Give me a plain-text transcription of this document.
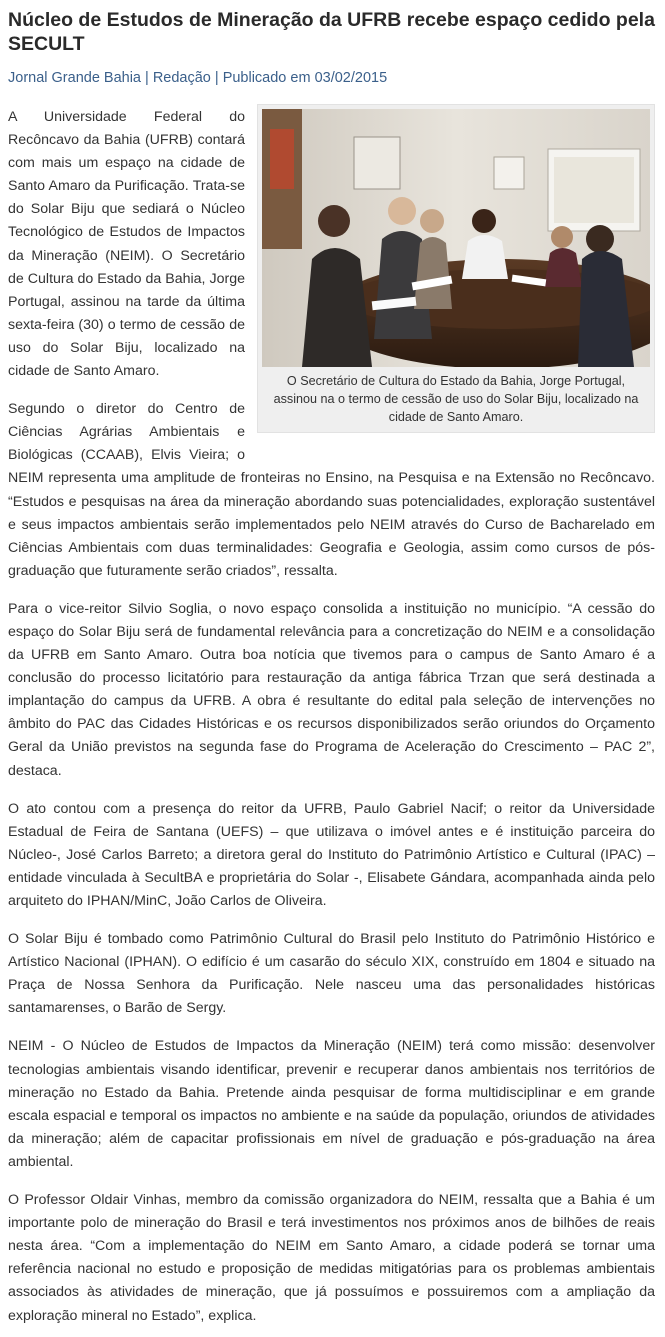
Núcleo de Estudos de Mineração da UFRB recebe espaço cedido pela SECULT
Jornal Grande Bahia | Redação | Publicado em 03/02/2015
O Secretário de Cultura do Estado da Bahia, Jorge Portugal, assinou na o termo de cessão de uso do Solar Biju, localizado na cidade de Santo Amaro.

A Universidade Federal do Recôncavo da Bahia (UFRB) contará com mais um espaço na cidade de Santo Amaro da Purificação. Trata-se do Solar Biju que sediará o Núcleo Tecnológico de Estudos de Impactos da Mineração (NEIM). O Secretário de Cultura do Estado da Bahia, Jorge Portugal, assinou na tarde da última sexta-feira (30) o termo de cessão de uso do Solar Biju, localizado na cidade de Santo Amaro.

Segundo o diretor do Centro de Ciências Agrárias Ambientais e Biológicas (CCAAB), Elvis Vieira; o NEIM representa uma amplitude de fronteiras no Ensino, na Pesquisa e na Extensão no Recôncavo. “Estudos e pesquisas na área da mineração abordando suas potencialidades, exploração sustentável e seus impactos ambientais serão implementados pelo NEIM através do Curso de Bacharelado em Ciências Ambientais com duas terminalidades: Geografia e Geologia, assim como cursos de pós-graduação que futuramente serão criados”, ressalta.

Para o vice-reitor Silvio Soglia, o novo espaço consolida a instituição no município. “A cessão do espaço do Solar Biju será de fundamental relevância para a concretização do NEIM e a consolidação da UFRB em Santo Amaro. Outra boa notícia que tivemos para o campus de Santo Amaro é a conclusão do processo licitatório para restauração da antiga fábrica Trzan que será destinada a implantação do campus da UFRB. A obra é resultante do edital pala seleção de intervenções no âmbito do PAC das Cidades Históricas e os recursos disponibilizados serão oriundos do Orçamento Geral da União previstos na segunda fase do Programa de Aceleração do Crescimento – PAC 2”, destaca.

O ato contou com a presença do reitor da UFRB, Paulo Gabriel Nacif; o reitor da Universidade Estadual de Feira de Santana (UEFS) – que utilizava o imóvel antes e é instituição parceira do Núcleo-, José Carlos Barreto; a diretora geral do Instituto do Patrimônio Artístico e Cultural (IPAC) – entidade vinculada à SecultBA e proprietária do Solar -, Elisabete Gándara, acompanhada ainda pelo arquiteto do IPHAN/MinC, João Carlos de Oliveira.

O Solar Biju é tombado como Patrimônio Cultural do Brasil pelo Instituto do Patrimônio Histórico e Artístico Nacional (IPHAN). O edifício é um casarão do século XIX, construído em 1804 e situado na Praça de Nossa Senhora da Purificação. Nele nasceu uma das personalidades históricas santamarenses, o Barão de Sergy.

NEIM - O Núcleo de Estudos de Impactos da Mineração (NEIM) terá como missão: desenvolver tecnologias ambientais visando identificar, prevenir e recuperar danos ambientais nos territórios de mineração no Estado da Bahia. Pretende ainda pesquisar de forma multidisciplinar e em grande escala espacial e temporal os impactos no ambiente e na saúde da população, oriundos de atividades da mineração; além de capacitar profissionais em nível de graduação e pós-graduação na área ambiental.

O Professor Oldair Vinhas, membro da comissão organizadora do NEIM, ressalta que a Bahia é um importante polo de mineração do Brasil e terá investimentos nos próximos anos de bilhões de reais nesta área. “Com a implementação do NEIM em Santo Amaro, a cidade poderá se tornar uma referência nacional no estudo e proposição de medidas mitigatórias para os problemas ambientais associados às atividades de mineração, que já possuímos e possuiremos com a ampliação da exploração mineral no Estado”, explica.
